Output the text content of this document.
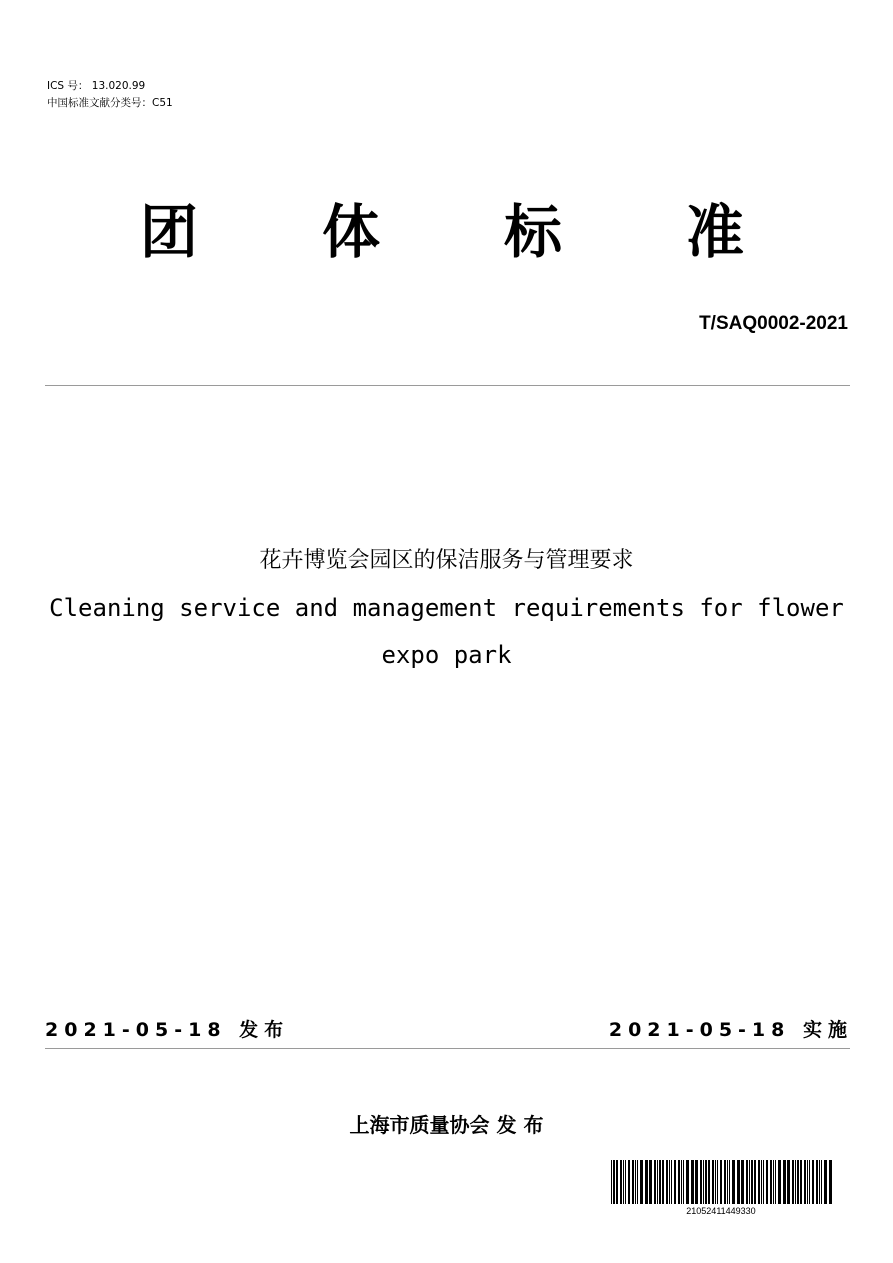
ICS 号： 13.020.99
中国标准文献分类号：C51
团 体 标 准
T/SAQ0002-2021
花卉博览会园区的保洁服务与管理要求
Cleaning service and management requirements for flower
expo park
2021-05-18 发布	2021-05-18 实施
上海市质量协会 发 布
21052411449330
